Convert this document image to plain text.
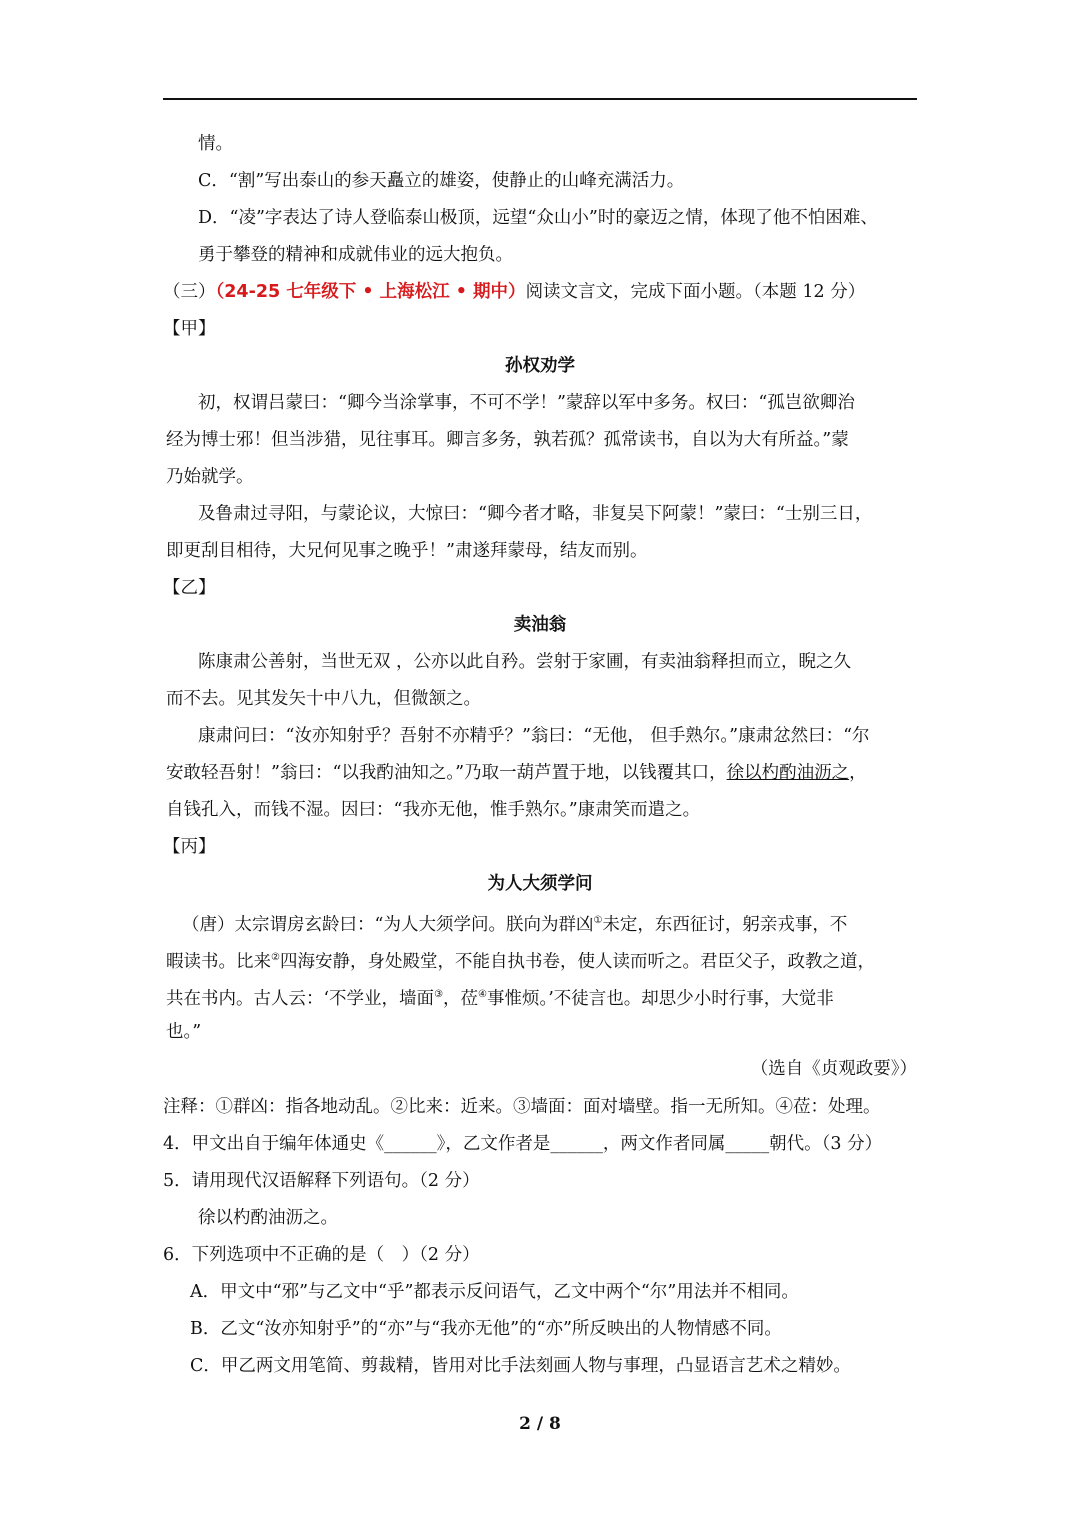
情。
C．“割”写出泰山的参天矗立的雄姿，使静止的山峰充满活力。
D．“凌”字表达了诗人登临泰山极顶，远望“众山小”时的豪迈之情，体现了他不怕困难、
勇于攀登的精神和成就伟业的远大抱负。
（三）（24-25 七年级下 • 上海松江 • 期中）阅读文言文，完成下面小题。（本题 12 分）
【甲】
孙权劝学
初，权谓吕蒙曰：“卿今当涂掌事，不可不学！”蒙辞以军中多务。权曰：“孤岂欲卿治
经为博士邪！但当涉猎，见往事耳。卿言多务，孰若孤？孤常读书，自以为大有所益。”蒙
乃始就学。
及鲁肃过寻阳，与蒙论议，大惊曰：“卿今者才略，非复吴下阿蒙！”蒙曰：“士别三日，
即更刮目相待，大兄何见事之晚乎！”肃遂拜蒙母，结友而别。
【乙】
卖油翁
陈康肃公善射，当世无双 ，公亦以此自矜。尝射于家圃，有卖油翁释担而立，睨之久
而不去。见其发矢十中八九，但微颔之。
康肃问曰：“汝亦知射乎？吾射不亦精乎？”翁曰：“无他， 但手熟尔。”康肃忿然曰：“尔
安敢轻吾射！”翁曰：“以我酌油知之。”乃取一葫芦置于地，以钱覆其口，徐以杓酌油沥之，
自钱孔入，而钱不湿。因曰：“我亦无他，惟手熟尔。”康肃笑而遣之。
【丙】
为人大须学问
（唐）太宗谓房玄龄曰：“为人大须学问。朕向为群凶①未定，东西征讨，躬亲戎事，不
暇读书。比来②四海安静，身处殿堂，不能自执书卷，使人读而听之。君臣父子，政教之道，
共在书内。古人云：‘不学业，墙面③，莅④事惟烦。’不徒言也。却思少小时行事，大觉非
也。”
（选自《贞观政要》）
注释：①群凶：指各地动乱。②比来：近来。③墙面：面对墙壁。指一无所知。④莅：处理。
4．甲文出自于编年体通史《______》，乙文作者是______，两文作者同属_____朝代。（3 分）
5．请用现代汉语解释下列语句。（2 分）
徐以杓酌油沥之。
6．下列选项中不正确的是（　）（2 分）
A．甲文中“邪”与乙文中“乎”都表示反问语气，乙文中两个“尔”用法并不相同。
B．乙文“汝亦知射乎”的“亦”与“我亦无他”的“亦”所反映出的人物情感不同。
C．甲乙两文用笔简、剪裁精，皆用对比手法刻画人物与事理，凸显语言艺术之精妙。
2 / 8
